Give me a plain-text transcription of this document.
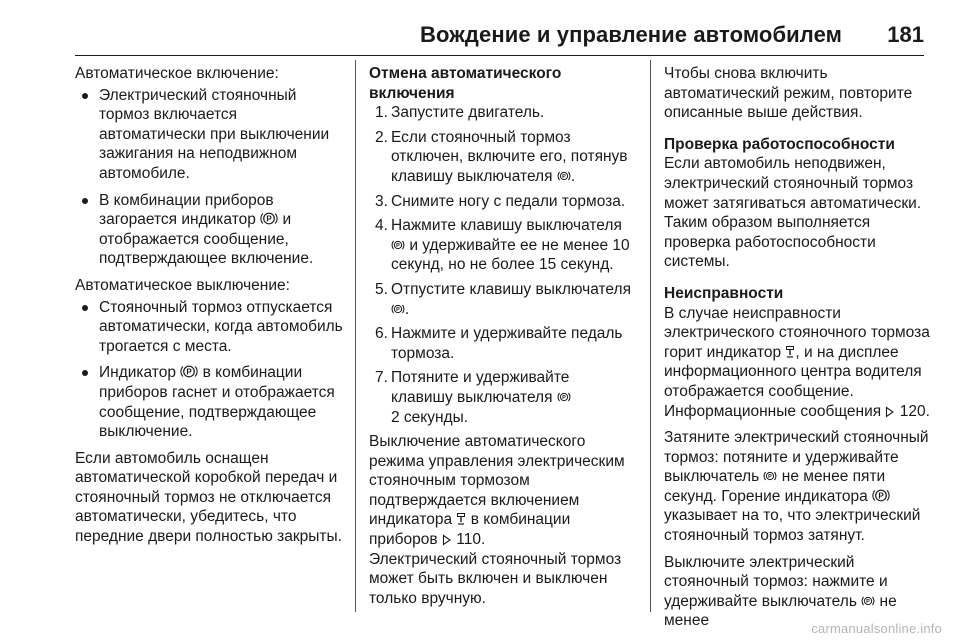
Вождение и управление автомобилем 181

Автоматическое включение:

Электрический стояночный тормоз включается автоматически при выключении зажигания на неподвижном автомобиле.
В комбинации приборов загорается индикатор P и отображается сообщение, подтверждающее включение.

Автоматическое выключение:

Стояночный тормоз отпускается автоматически, когда автомобиль трогается с места.
Индикатор P в комбинации приборов гаснет и отображается сообщение, подтверждающее выключение.

Если автомобиль оснащен автоматической коробкой передач и стояночный тормоз не отключается автоматически, убедитесь, что передние двери полностью закрыты.

Отмена автоматического включения

1. Запустите двигатель.
2. Если стояночный тормоз отключен, включите его, потянув клавишу выключателя P .
3. Снимите ногу с педали тормоза.
4. Нажмите клавишу выключателя
P и удерживайте ее не менее 10 секунд, но не более 15 секунд.
5. Отпустите клавишу выключателя
P .
6. Нажмите и удерживайте педаль тормоза.
7. Потяните и удерживайте клавишу выключателя P

2 секунды.

Выключение автоматического режима управления электрическим стояночным тормозом подтверждается включением индикатора в комбинации приборов 110.

Электрический стояночный тормоз может быть включен и выключен только вручную.

Чтобы снова включить автоматический режим, повторите описанные выше действия.

Проверка работоспособности

Если автомобиль неподвижен, электрический стояночный тормоз может затягиваться автоматически. Таким образом выполняется проверка работоспособности системы.

Неисправности

В случае неисправности электрического стояночного тормоза горит индикатор , и на дисплее информационного центра водителя отображается сообщение. Информационные сообщения 120.

Затяните электрический стояночный тормоз: потяните и удерживайте выключатель P не менее пяти секунд. Горение индикатора P
указывает на то, что электрический стояночный тормоз затянут.

Выключите электрический стояночный тормоз: нажмите и удерживайте выключатель P не менее	carmanualsonline.info
